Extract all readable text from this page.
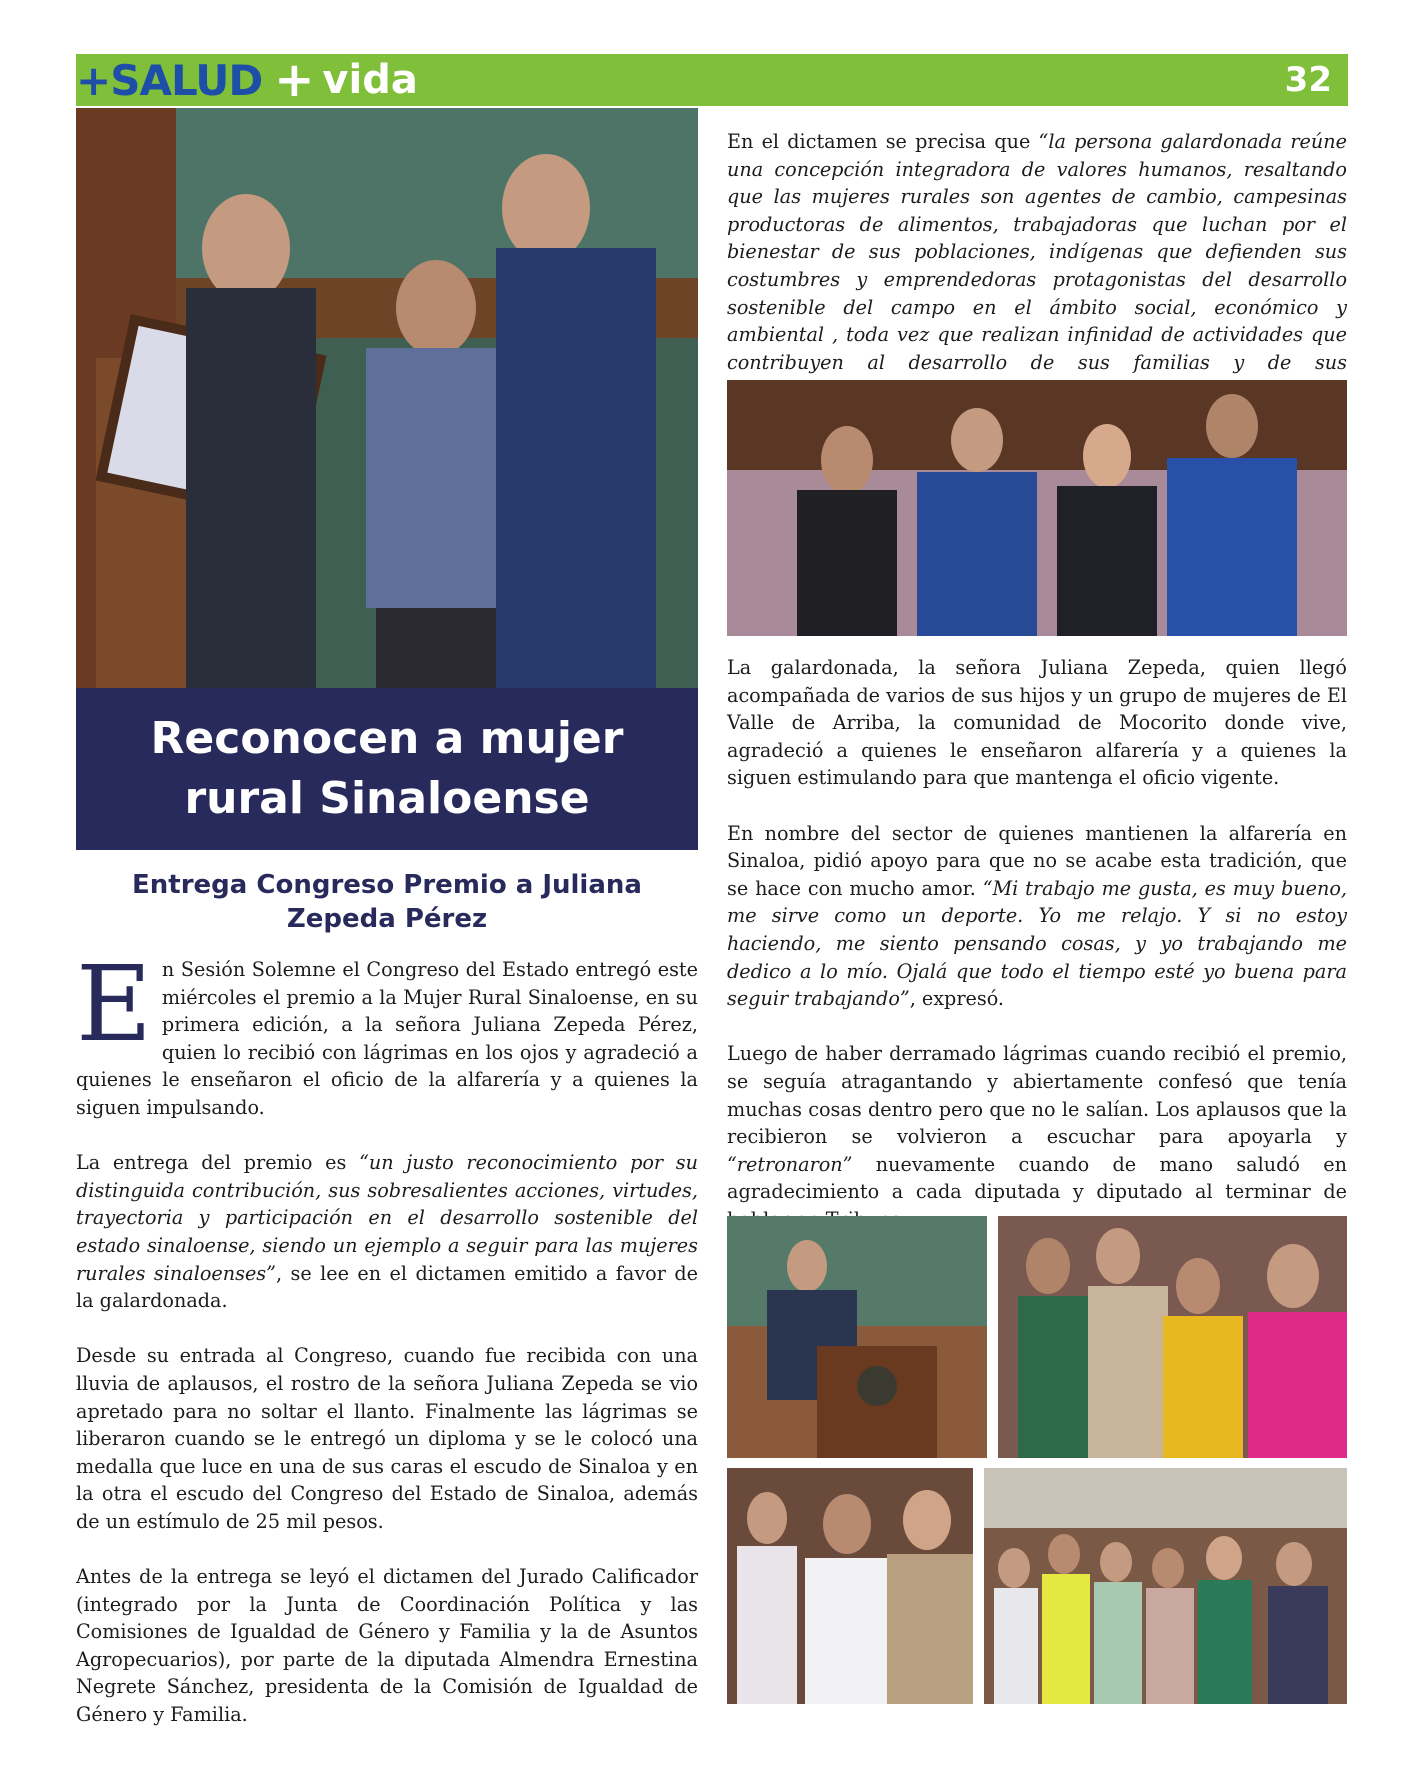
+SALUD + vida	32
Reconocen a mujer rural Sinaloense
Entrega Congreso Premio a Juliana Zepeda Pérez

En Sesión Solemne el Congreso del Estado entregó este miércoles el premio a la Mujer Rural Sinaloense, en su primera edición, a la señora Juliana Zepeda Pérez, quien lo recibió con lágrimas en los ojos y agradeció a quienes le enseñaron el oficio de la alfarería y a quienes la siguen impulsando.

La entrega del premio es “un justo reconocimiento por su distinguida contribución, sus sobresalientes acciones, virtudes, trayectoria y participación en el desarrollo sostenible del estado sinaloense, siendo un ejemplo a seguir para las mujeres rurales sinaloenses”, se lee en el dictamen emitido a favor de la galardonada.

Desde su entrada al Congreso, cuando fue recibida con una lluvia de aplausos, el rostro de la señora Juliana Zepeda se vio apretado para no soltar el llanto. Finalmente las lágrimas se liberaron cuando se le entregó un diploma y se le colocó una medalla que luce en una de sus caras el escudo de Sinaloa y en la otra el escudo del Congreso del Estado de Sinaloa, además de un estímulo de 25 mil pesos.

Antes de la entrega se leyó el dictamen del Jurado Calificador (integrado por la Junta de Coordinación Política y las Comisiones de Igualdad de Género y Familia y la de Asuntos Agropecuarios), por parte de la diputada Almendra Ernestina Negrete Sánchez, presidenta de la Comisión de Igualdad de Género y Familia.

En el dictamen se precisa que “la persona galardonada reúne una concepción integradora de valores humanos, resaltando que las mujeres rurales son agentes de cambio, campesinas productoras de alimentos, trabajadoras que luchan por el bienestar de sus poblaciones, indígenas que defienden sus costumbres y emprendedoras protagonistas del desarrollo sostenible del campo en el ámbito social, económico y ambiental , toda vez que realizan infinidad de actividades que contribuyen al desarrollo de sus familias y de sus

La galardonada, la señora Juliana Zepeda, quien llegó acompañada de varios de sus hijos y un grupo de mujeres de El Valle de Arriba, la comunidad de Mocorito donde vive, agradeció a quienes le enseñaron alfarería y a quienes la siguen estimulando para que mantenga el oficio vigente.

En nombre del sector de quienes mantienen la alfarería en Sinaloa, pidió apoyo para que no se acabe esta tradición, que se hace con mucho amor. “Mi trabajo me gusta, es muy bueno, me sirve como un deporte. Yo me relajo. Y si no estoy haciendo, me siento pensando cosas, y yo trabajando me dedico a lo mío. Ojalá que todo el tiempo esté yo buena para seguir trabajando”, expresó.

Luego de haber derramado lágrimas cuando recibió el premio, se seguía atragantando y abiertamente confesó que tenía muchas cosas dentro pero que no le salían. Los aplausos que la recibieron se volvieron a escuchar para apoyarla y “retronaron” nuevamente cuando de mano saludó en agradecimiento a cada diputada y diputado al terminar de
